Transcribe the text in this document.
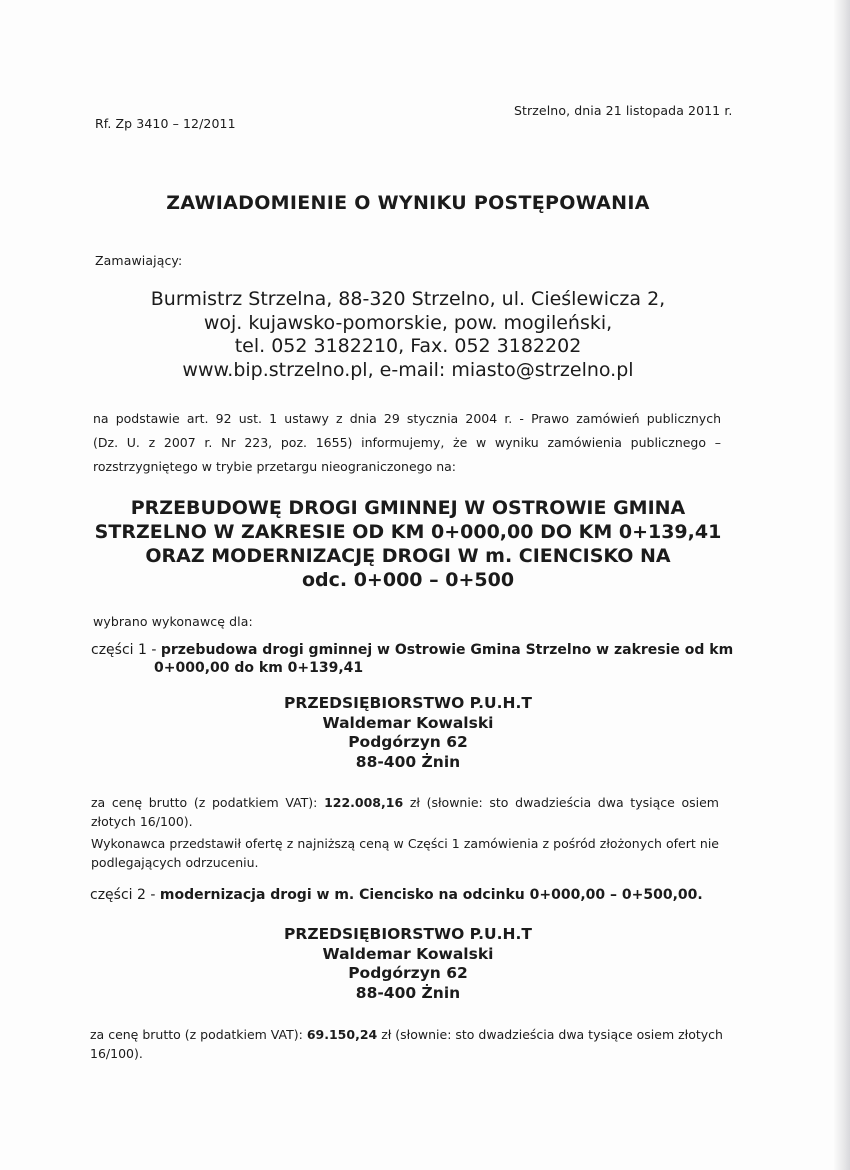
Rf. Zp 3410 – 12/2011
Strzelno, dnia 21 listopada 2011 r.
ZAWIADOMIENIE O WYNIKU POSTĘPOWANIA
Zamawiający:
Burmistrz Strzelna, 88-320 Strzelno, ul. Cieślewicza 2,
woj. kujawsko-pomorskie, pow. mogileński,
tel. 052 3182210, Fax. 052 3182202
www.bip.strzelno.pl, e-mail: miasto@strzelno.pl
na podstawie art. 92 ust. 1 ustawy z dnia 29 stycznia 2004 r. - Prawo zamówień publicznych
(Dz. U. z 2007 r. Nr 223, poz. 1655) informujemy, że w wyniku zamówienia publicznego –
rozstrzygniętego w trybie przetargu nieograniczonego na:
PRZEBUDOWĘ DROGI GMINNEJ W OSTROWIE GMINA
STRZELNO W ZAKRESIE OD KM 0+000,00 DO KM 0+139,41
ORAZ MODERNIZACJĘ DROGI W m. CIENCISKO NA
odc. 0+000 – 0+500
wybrano wykonawcę dla:
części 1 - przebudowa drogi gminnej w Ostrowie Gmina Strzelno w zakresie od km
0+000,00 do km 0+139,41
PRZEDSIĘBIORSTWO P.U.H.T
Waldemar Kowalski
Podgórzyn 62
88-400 Żnin
za cenę brutto (z podatkiem VAT): 122.008,16 zł (słownie: sto dwadzieścia dwa tysiące osiem
złotych 16/100).
Wykonawca przedstawił ofertę z najniższą ceną w Części 1 zamówienia z pośród złożonych ofert nie
podlegających odrzuceniu.
części 2 - modernizacja drogi w m. Ciencisko na odcinku 0+000,00 – 0+500,00.
PRZEDSIĘBIORSTWO P.U.H.T
Waldemar Kowalski
Podgórzyn 62
88-400 Żnin
za cenę brutto (z podatkiem VAT): 69.150,24 zł (słownie: sto dwadzieścia dwa tysiące osiem złotych
16/100).
